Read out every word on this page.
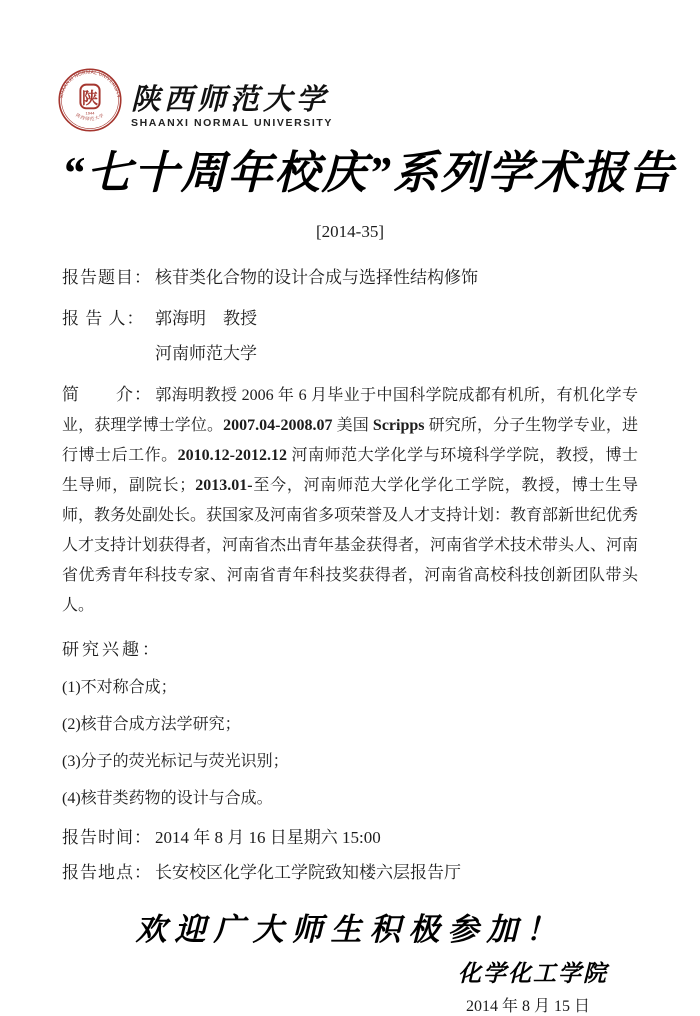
SHAANXI NORMAL UNIVERSITY
陕西师范大学
陕
1944 陕西师范大学
SHAANXI NORMAL UNIVERSITY
“七十周年校庆”系列学术报告
[2014-35]
报告题目： 核苷类化合物的设计合成与选择性结构修饰
报 告 人： 郭海明　教授
河南师范大学

简　　介： 郭海明教授 2006 年 6 月毕业于中国科学院成都有机所，有机化学专业，获理学博士学位。2007.04-2008.07 美国 Scripps 研究所，分子生物学专业，进行博士后工作。2010.12-2012.12 河南师范大学化学与环境科学学院，教授，博士生导师，副院长；2013.01-至今，河南师范大学化学化工学院，教授，博士生导师，教务处副处长。获国家及河南省多项荣誉及人才支持计划：教育部新世纪优秀人才支持计划获得者，河南省杰出青年基金获得者，河南省学术技术带头人、河南省优秀青年科技专家、河南省青年科技奖获得者，河南省高校科技创新团队带头人。

研究兴趣：
(1)不对称合成；
(2)核苷合成方法学研究；
(3)分子的荧光标记与荧光识别；
(4)核苷类药物的设计与合成。
报告时间： 2014 年 8 月 16 日星期六 15:00
报告地点： 长安校区化学化工学院致知楼六层报告厅
欢迎广大师生积极参加！
化学化工学院
2014 年 8 月 15 日
